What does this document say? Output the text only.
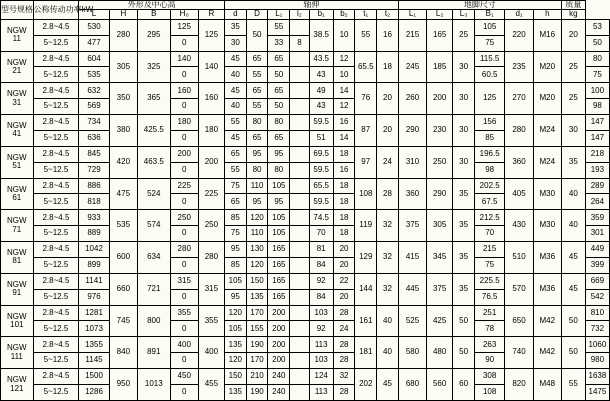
型号规格	公称传动功率kW	外形及中心高					轴伸								地脚尺寸						质量	
		L	H	B	H₀	R	d	D	L₁	l₂	b₁	b₂	t₁	t₂	L₁	L₂	L₃	B₁	d₁	h	kg	

NGW
11	2.8~4.5	530	280	295	125	125	35	50	55		38.5	10	55	16	215	165	25	105	220	M16	20	53
	5~12.5	477			0		30		33	8								75				50

NGW
21	2.8~4.5	604	305	325	140	140	45	65	65		43.5	12	65.5	18	245	185	30	115.5	235	M20	25	80
	5~12.5	535			0		40	55	50		43	10						60.5				75

NGW
31	2.8~4.5	632	350	365	160	160	45	65	65		49	14	76	20	260	200	30	125	270	M20	25	100
	5~12.5	569			0		40	55	50		43	12										98

NGW
41	2.8~4.5	734	380	425.5	180	180	55	80	80		59.5	16	87	20	290	230	30	156	280	M24	30	147
	5~12.5	636			0		45	65	65		51	14						85				147

NGW
51	2.8~4.5	845	420	463.5	200	200	65	95	95		69.5	18	97	24	310	250	30	196.5	360	M24	35	218
	5~12.5	729			0		55	80	80		59.5	16						98				193

NGW
61	2.8~4.5	886	475	524	225	225	75	110	105		65.5	18	108	28	360	290	35	202.5	405	M30	40	289
	5~12.5	818			0		65	95	95		59.5	18						67.5				264

NGW
71	2.8~4.5	933	535	574	250	250	85	120	105		74.5	18	119	32	375	305	35	212.5	430	M30	40	359
	5~12.5	889			0		75	110	105		70	18						70				301

NGW
81	2.8~4.5	1042	600	634	280	280	95	130	165		81	20	129	32	415	345	35	215	510	M36	45	449
	5~12.5	899			0		85	120	165		84	20						75				399

NGW
91	2.8~4.5	1141	660	721	315	315	105	150	165		92	22	144	32	445	375	35	225.5	570	M36	45	669
	5~12.5	976			0		95	135	165		84	20						76.5				542

NGW
101	2.8~4.5	1281	745	800	355	355	120	170	200		103	28	161	40	525	425	50	251	650	M42	50	810
	5~12.5	1073			0		105	155	200		92	24						78				732

NGW
111	2.8~4.5	1355	840	891	400	400	135	190	200		113	28	181	40	580	480	50	263	740	M42	50	1060
	5~12.5	1145			0		120	170	200		103	28						90				980

NGW
121	2.8~4.5	1500	950	1013	450	455	150	210	240		124	32	202	45	680	560	60	308	820	M48	55	1638
	5~12.5	1286			0		135	190	240		113	28						108				1475
